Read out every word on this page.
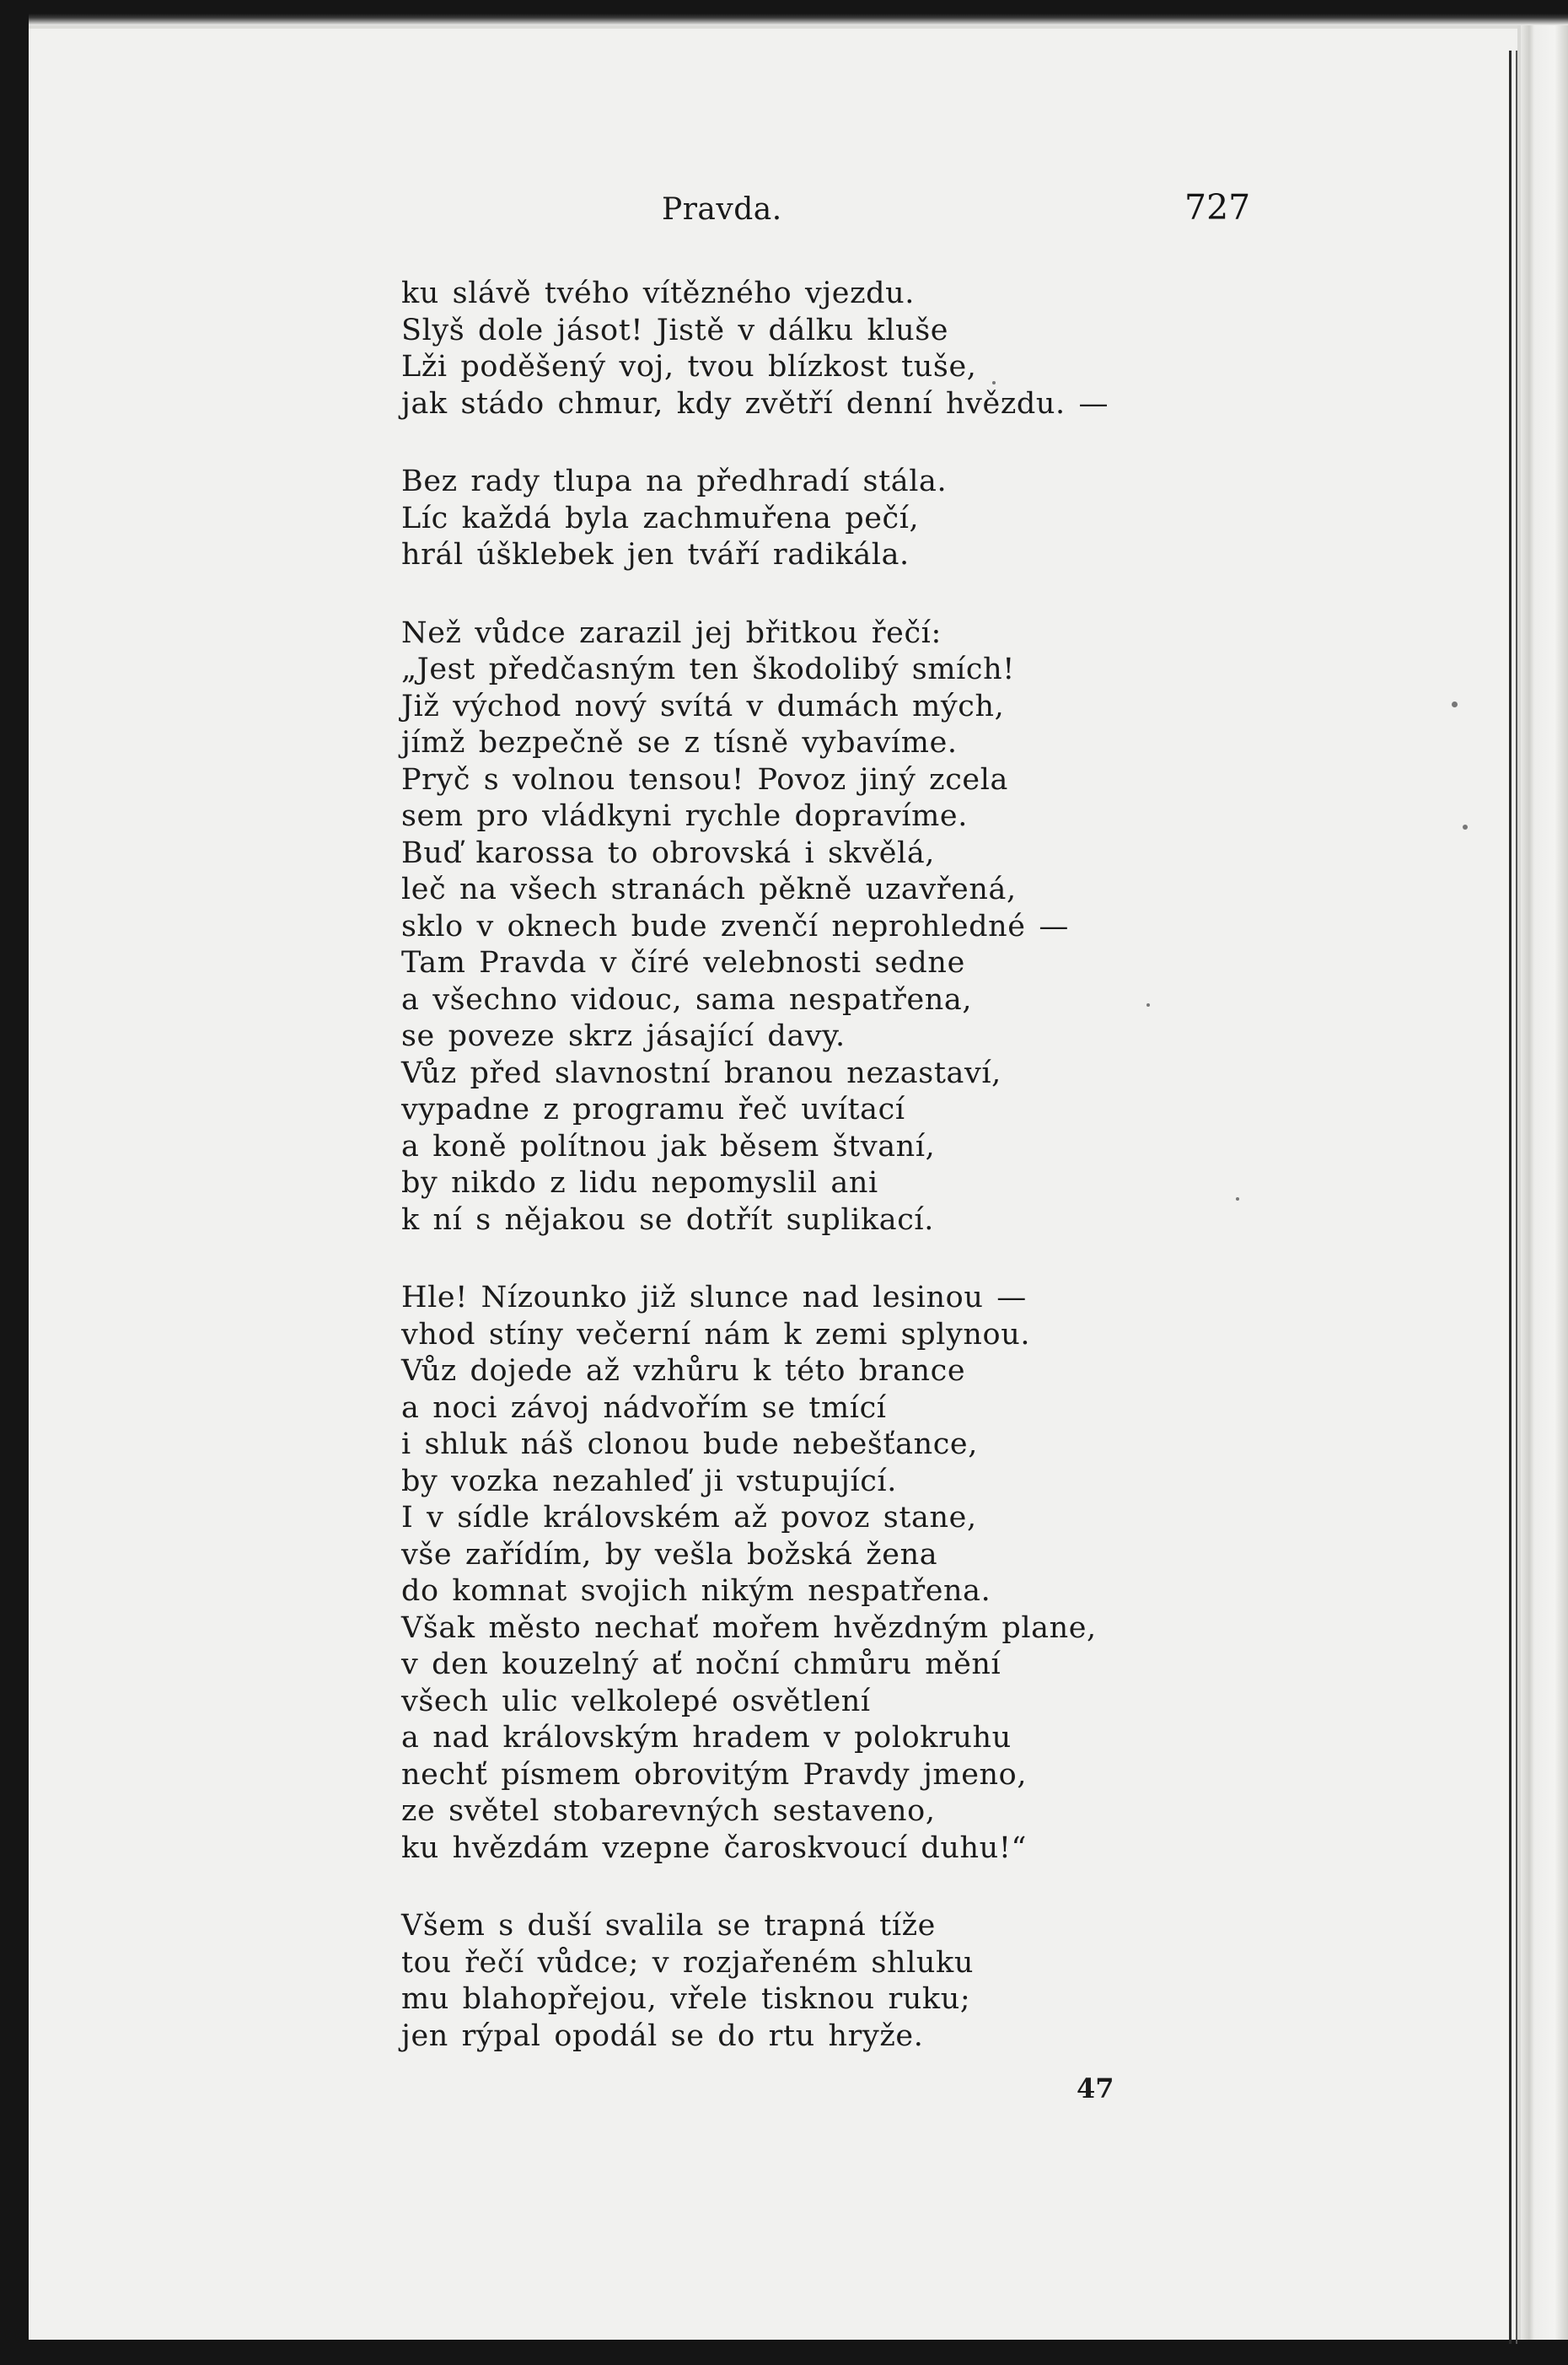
Pravda.	727
ku slávě tvého vítězného vjezdu.
Slyš dole jásot! Jistě v dálku kluše
Lži poděšený voj, tvou blízkost tuše,
jak stádo chmur, kdy zvětří denní hvězdu. —
Bez rady tlupa na předhradí stála.
Líc každá byla zachmuřena pečí,
hrál úšklebek jen tváří radikála.
Než vůdce zarazil jej břitkou řečí:
„Jest předčasným ten škodolibý smích!
Již východ nový svítá v dumách mých,
jímž bezpečně se z tísně vybavíme.
Pryč s volnou tensou! Povoz jiný zcela
sem pro vládkyni rychle dopravíme.
Buď karossa to obrovská i skvělá,
leč na všech stranách pěkně uzavřená,
sklo v oknech bude zvenčí neprohledné —
Tam Pravda v číré velebnosti sedne
a všechno vidouc, sama nespatřena,
se poveze skrz jásající davy.
Vůz před slavnostní branou nezastaví,
vypadne z programu řeč uvítací
a koně polítnou jak běsem štvaní,
by nikdo z lidu nepomyslil ani
k ní s nějakou se dotřít suplikací.
Hle! Nízounko již slunce nad lesinou —
vhod stíny večerní nám k zemi splynou.
Vůz dojede až vzhůru k této brance
a noci závoj nádvořím se tmící
i shluk náš clonou bude nebešťance,
by vozka nezahleď ji vstupující.
I v sídle královském až povoz stane,
vše zařídím, by vešla božská žena
do komnat svojich nikým nespatřena.
Však město nechať mořem hvězdným plane,
v den kouzelný ať noční chmůru mění
všech ulic velkolepé osvětlení
a nad královským hradem v polokruhu
nechť písmem obrovitým Pravdy jmeno,
ze světel stobarevných sestaveno,
ku hvězdám vzepne čaroskvoucí duhu!“
Všem s duší svalila se trapná tíže
tou řečí vůdce; v rozjařeném shluku
mu blahopřejou, vřele tisknou ruku;
jen rýpal opodál se do rtu hryže.
47
